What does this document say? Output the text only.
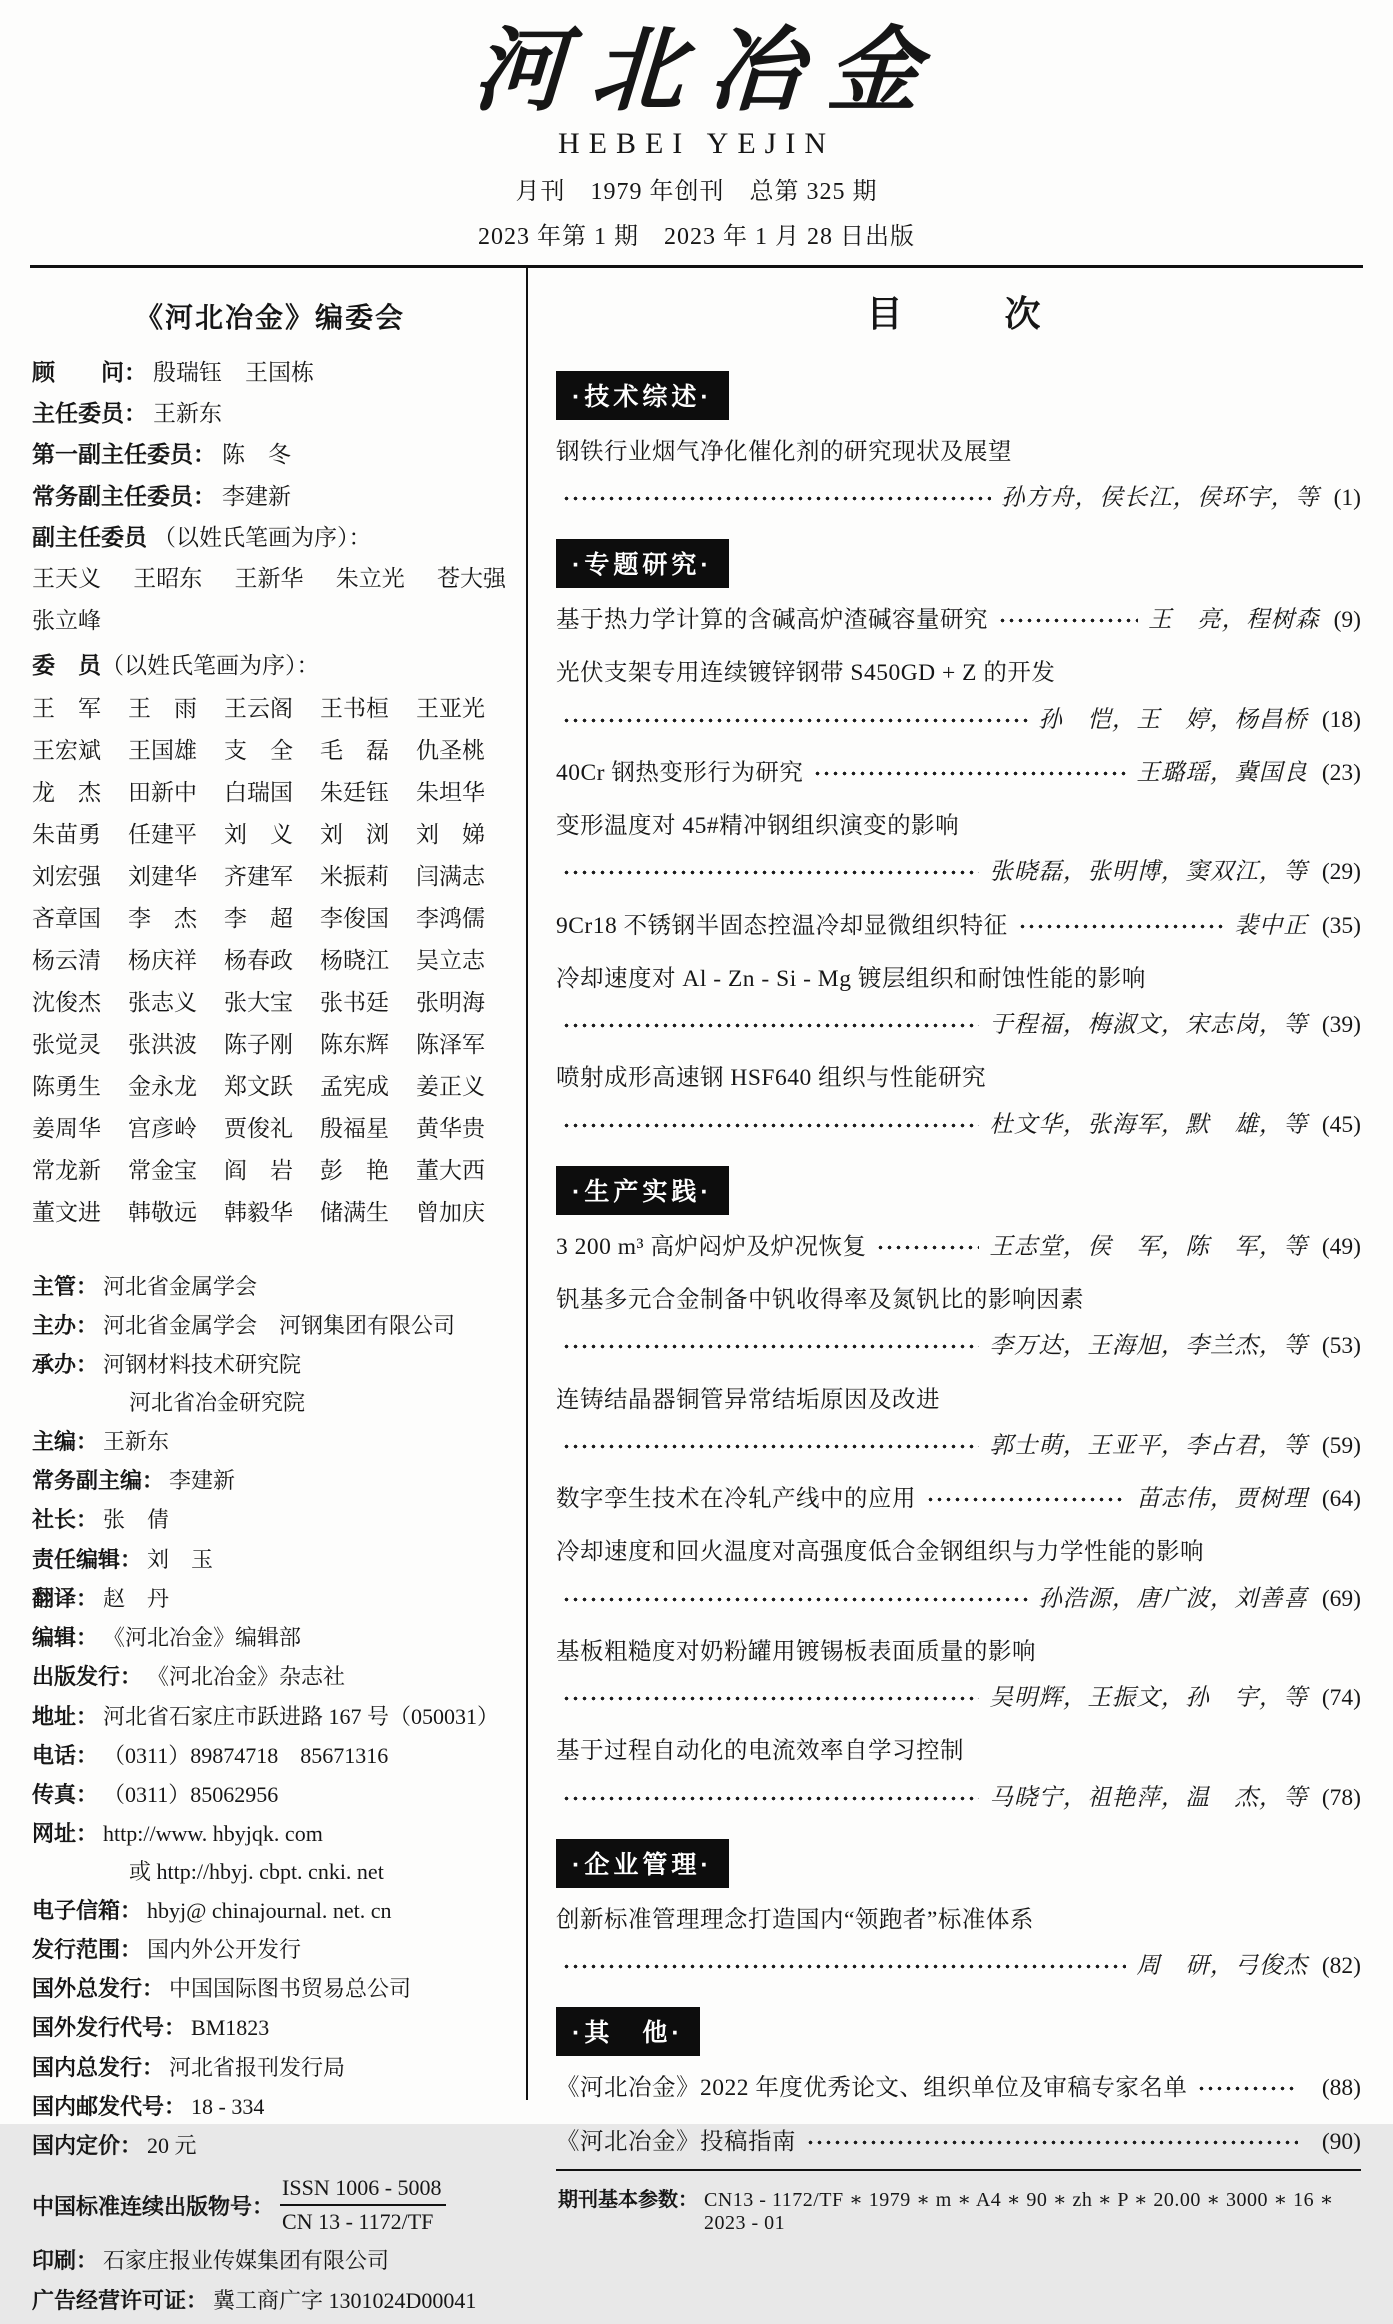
河北冶金
HEBEI YEJIN
月刊　1979 年创刊　总第 325 期
2023 年第 1 期　2023 年 1 月 28 日出版
《河北冶金》编委会
顾　　问： 殷瑞钰　王国栋
主任委员： 王新东
第一副主任委员： 陈　冬
常务副主任委员： 李建新
副主任委员 （以姓氏笔画为序）：
王天义 王昭东 王新华 朱立光 苍大强
张立峰
委　员 （以姓氏笔画为序）：
王　军	王　雨	王云阁	王书桓	王亚光
王宏斌	王国雄	支　全	毛　磊	仇圣桃
龙　杰	田新中	白瑞国	朱廷钰	朱坦华
朱苗勇	任建平	刘　义	刘　浏	刘　娣
刘宏强	刘建华	齐建军	米振莉	闫满志
吝章国	李　杰	李　超	李俊国	李鸿儒
杨云清	杨庆祥	杨春政	杨晓江	吴立志
沈俊杰	张志义	张大宝	张书廷	张明海
张觉灵	张洪波	陈子刚	陈东辉	陈泽军
陈勇生	金永龙	郑文跃	孟宪成	姜正义
姜周华	宫彦岭	贾俊礼	殷福星	黄华贵
常龙新	常金宝	阎　岩	彭　艳	董大西
董文进	韩敬远	韩毅华	储满生	曾加庆
主管： 河北省金属学会
主办： 河北省金属学会　河钢集团有限公司
承办： 河钢材料技术研究院
河北省冶金研究院
主编： 王新东
常务副主编： 李建新
社长： 张　倩
责任编辑： 刘　玉
翻译： 赵　丹
编辑： 《河北冶金》编辑部
出版发行： 《河北冶金》杂志社
地址： 河北省石家庄市跃进路 167 号（050031）
电话： （0311）89874718　85671316
传真： （0311）85062956
网址： http://www. hbyjqk. com
或 http://hbyj. cbpt. cnki. net
电子信箱： hbyj@ chinajournal. net. cn
发行范围： 国内外公开发行
国外总发行： 中国国际图书贸易总公司
国外发行代号： BM1823
国内总发行： 河北省报刊发行局
国内邮发代号： 18 - 334
国内定价： 20 元
中国标准连续出版物号： $\frac{\text{ISSN 1006 - 5008}}{CN 13 - 1172/TF}$
印刷： 石家庄报业传媒集团有限公司
广告经营许可证： 冀工商广字 1301024D00041
目　　次
·技术综述·
钢铁行业烟气净化催化剂的研究现状及展望
孙方舟，侯长江，侯环宇，等 (1)
·专题研究·
基于热力学计算的含碱高炉渣碱容量研究	王　亮，程树森 (9)
光伏支架专用连续镀锌钢带 S450GD + Z 的开发
孙　恺，王　婷，杨昌桥 (18)
40Cr 钢热变形行为研究	王璐瑶，冀国良 (23)
变形温度对 45#精冲钢组织演变的影响
张晓磊，张明博，窦双江，等 (29)
9Cr18 不锈钢半固态控温冷却显微组织特征	裴中正 (35)
冷却速度对 Al - Zn - Si - Mg 镀层组织和耐蚀性能的影响
于程福，梅淑文，宋志岗，等 (39)
喷射成形高速钢 HSF640 组织与性能研究
杜文华，张海军，默　雄，等 (45)
·生产实践·
3 200 m³ 高炉闷炉及炉况恢复	王志堂，侯　军，陈　军，等 (49)
钒基多元合金制备中钒收得率及氮钒比的影响因素
李万达，王海旭，李兰杰，等 (53)
连铸结晶器铜管异常结垢原因及改进
郭士萌，王亚平，李占君，等 (59)
数字孪生技术在冷轧产线中的应用	苗志伟，贾树理 (64)
冷却速度和回火温度对高强度低合金钢组织与力学性能的影响
孙浩源，唐广波，刘善喜 (69)
基板粗糙度对奶粉罐用镀锡板表面质量的影响
吴明辉，王振文，孙　宇，等 (74)
基于过程自动化的电流效率自学习控制
马晓宁，祖艳萍，温　杰，等 (78)
·企业管理·
创新标准管理理念打造国内“领跑者”标准体系
周　研，弓俊杰 (82)
·其　他·
《河北冶金》2022 年度优秀论文、组织单位及审稿专家名单	(88)
《河北冶金》投稿指南	(90)
期刊基本参数： CN13 - 1172/TF ∗ 1979 ∗ m ∗ A4 ∗ 90 ∗ zh ∗ P ∗ 20.00 ∗ 3000 ∗ 16 ∗ 2023 - 01
